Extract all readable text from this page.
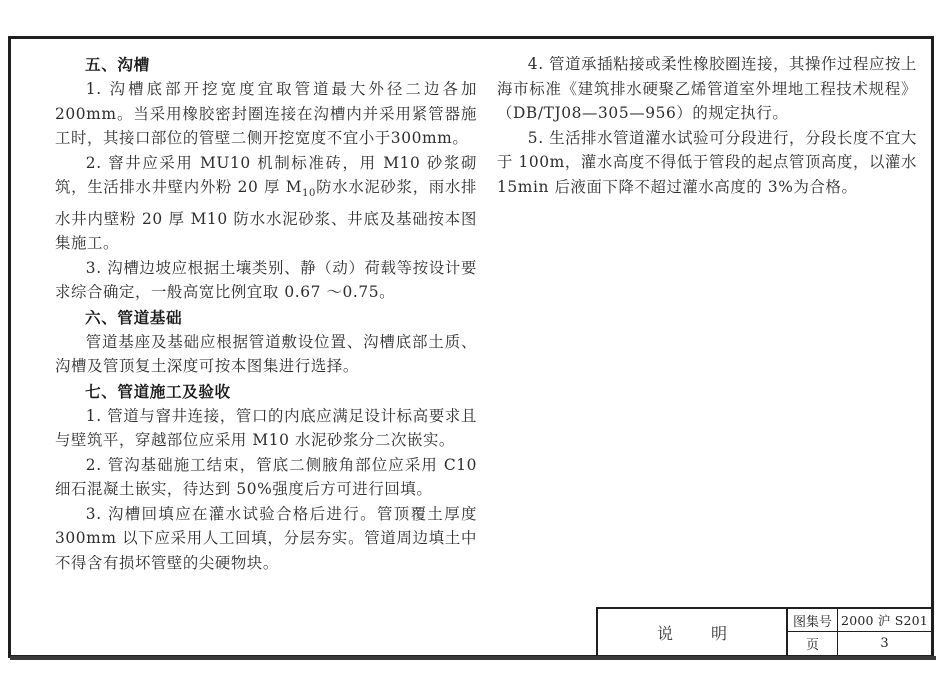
五、沟槽

1. 沟槽底部开挖宽度宜取管道最大外径二边各加200mm。当采用橡胶密封圈连接在沟槽内并采用紧管器施工时，其接口部位的管壁二侧开挖宽度不宜小于300mm。

2. 窨井应采用 MU10 机制标准砖，用 M10 砂浆砌筑，生活排水井壁内外粉 20 厚 $M_{10}$防水水泥砂浆，雨水排水井内壁粉 20 厚 M10 防水水泥砂浆、井底及基础按本图集施工。

3. 沟槽边坡应根据土壤类别、静（动）荷载等按设计要求综合确定，一般高宽比例宜取 0.67 ～0.75。

六、管道基础

管道基座及基础应根据管道敷设位置、沟槽底部土质、沟槽及管顶复土深度可按本图集进行选择。

七、管道施工及验收

1. 管道与窨井连接，管口的内底应满足设计标高要求且与壁筑平，穿越部位应采用 M10 水泥砂浆分二次嵌实。

2. 管沟基础施工结束，管底二侧腋角部位应采用 C10 细石混凝土嵌实，待达到 50%强度后方可进行回填。

3. 沟槽回填应在灌水试验合格后进行。管顶覆土厚度 300mm 以下应采用人工回填，分层夯实。管道周边填土中不得含有损坏管壁的尖硬物块。

4. 管道承插粘接或柔性橡胶圈连接，其操作过程应按上海市标准《建筑排水硬聚乙烯管道室外埋地工程技术规程》（DB/TJ08—305—956）的规定执行。

5. 生活排水管道灌水试验可分段进行，分段长度不宜大于 100m，灌水高度不得低于管段的起点管顶高度，以灌水 15min 后液面下降不超过灌水高度的 3%为合格。

说明
图集号 2000 沪 S201
页	3
